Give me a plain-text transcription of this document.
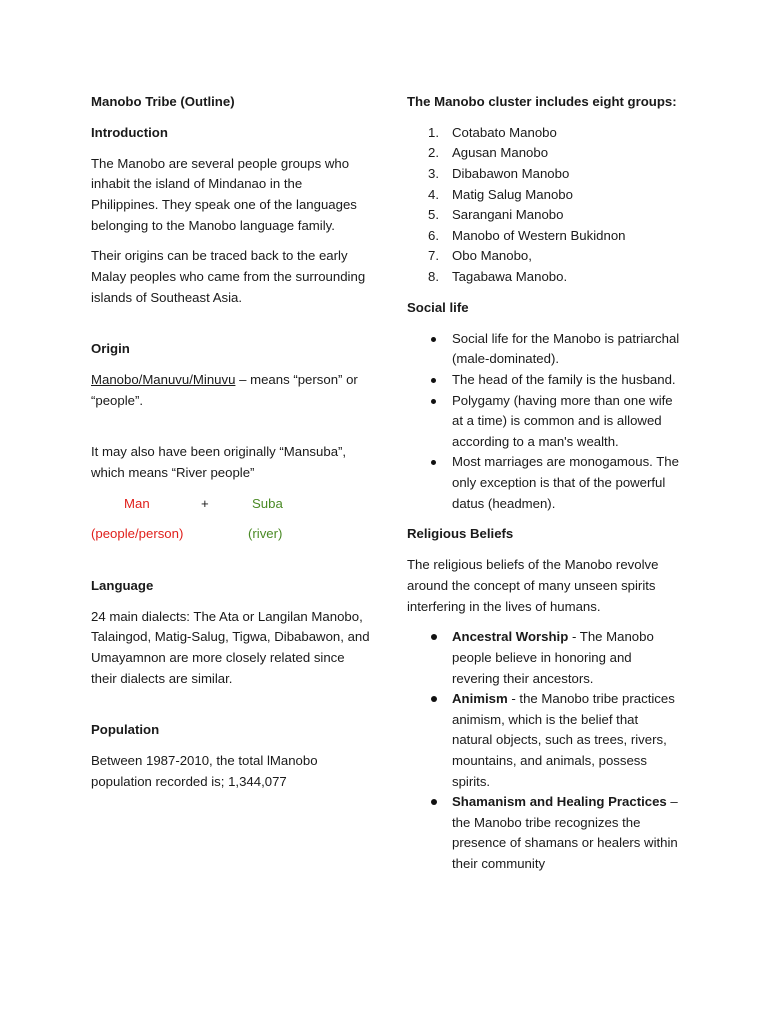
Manobo Tribe (Outline)

Introduction

The Manobo are several people groups who inhabit the island of Mindanao in the Philippines. They speak one of the languages belonging to the Manobo language family.

Their origins can be traced back to the early Malay peoples who came from the surrounding islands of Southeast Asia.

Origin

Manobo/Manuvu/Minuvu – means “person” or “people”.

It may also have been originally “Mansuba”, which means “River people”

Man	+	Suba
(people/person)	(river)

Language

24 main dialects: The Ata or Langilan Manobo, Talaingod, Matig-Salug, Tigwa, Dibabawon, and Umayamnon are more closely related since their dialects are similar.

Population

Between 1987-2010, the total lManobo population recorded is; 1,344,077

The Manobo cluster includes eight groups:

1. Cotabato Manobo
2. Agusan Manobo
3. Dibabawon Manobo
4. Matig Salug Manobo
5. Sarangani Manobo
6. Manobo of Western Bukidnon
7. Obo Manobo,
8. Tagabawa Manobo.

Social life

Social life for the Manobo is patriarchal (male-dominated).
The head of the family is the husband.
Polygamy (having more than one wife at a time) is common and is allowed according to a man's wealth.
Most marriages are monogamous. The only exception is that of the powerful datus (headmen).

Religious Beliefs

The religious beliefs of the Manobo revolve around the concept of many unseen spirits interfering in the lives of humans.

Ancestral Worship - The Manobo people believe in honoring and revering their ancestors.
Animism - the Manobo tribe practices animism, which is the belief that natural objects, such as trees, rivers, mountains, and animals, possess spirits.
Shamanism and Healing Practices – the Manobo tribe recognizes the presence of shamans or healers within their community
